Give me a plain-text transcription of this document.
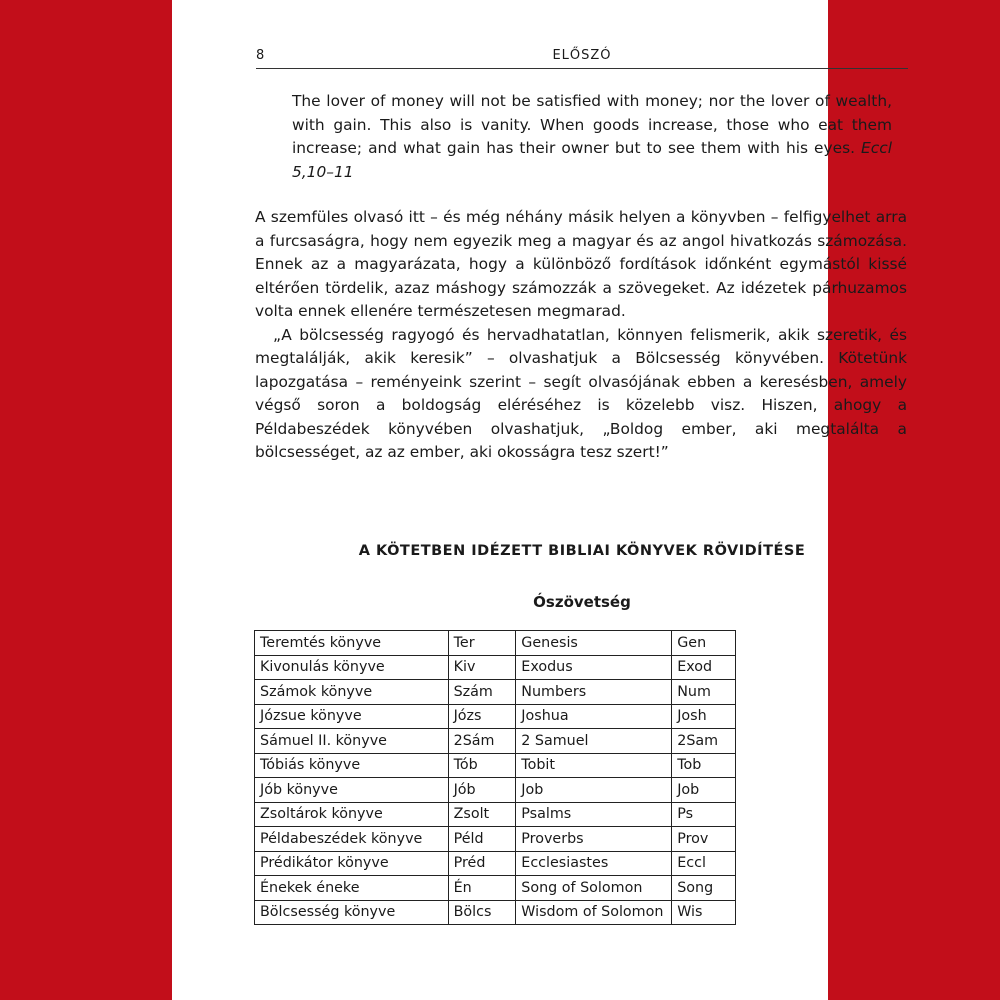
8	ELŐSZÓ
The lover of money will not be satisfied with money; nor the lover of wealth, with gain. This also is vanity. When goods increase, those who eat them increase; and what gain has their owner but to see them with his eyes. Eccl 5,10–11

A szemfüles olvasó itt – és még néhány másik helyen a könyvben – felfigyelhet arra a furcsaságra, hogy nem egyezik meg a magyar és az angol hivatkozás számozása. Ennek az a magyarázata, hogy a különböző fordítások időnként egymástól kissé eltérően tördelik, azaz máshogy számozzák a szövegeket. Az idézetek párhuzamos volta ennek ellenére természetesen megmarad.

„A bölcsesség ragyogó és hervadhatatlan, könnyen felismerik, akik szeretik, és megtalálják, akik keresik” – olvashatjuk a Bölcsesség könyvében. Kötetünk lapozgatása – reményeink szerint – segít olvasójának ebben a keresésben, amely végső soron a boldogság eléréséhez is közelebb visz. Hiszen, ahogy a Példabeszédek könyvében olvashatjuk, „Boldog ember, aki megtalálta a bölcsességet, az az ember, aki okosságra tesz szert!”

A KÖTETBEN IDÉZETT BIBLIAI KÖNYVEK RÖVIDÍTÉSE
Ószövetség
Teremtés könyve	Ter	Genesis	Gen
Kivonulás könyve	Kiv	Exodus	Exod
Számok könyve	Szám	Numbers	Num
Józsue könyve	Józs	Joshua	Josh
Sámuel II. könyve	2Sám	2 Samuel	2Sam
Tóbiás könyve	Tób	Tobit	Tob
Jób könyve	Jób	Job	Job
Zsoltárok könyve	Zsolt	Psalms	Ps
Példabeszédek könyve	Péld	Proverbs	Prov
Prédikátor könyve	Préd	Ecclesiastes	Eccl
Énekek éneke	Én	Song of Solomon	Song
Bölcsesség könyve	Bölcs	Wisdom of Solomon	Wis
